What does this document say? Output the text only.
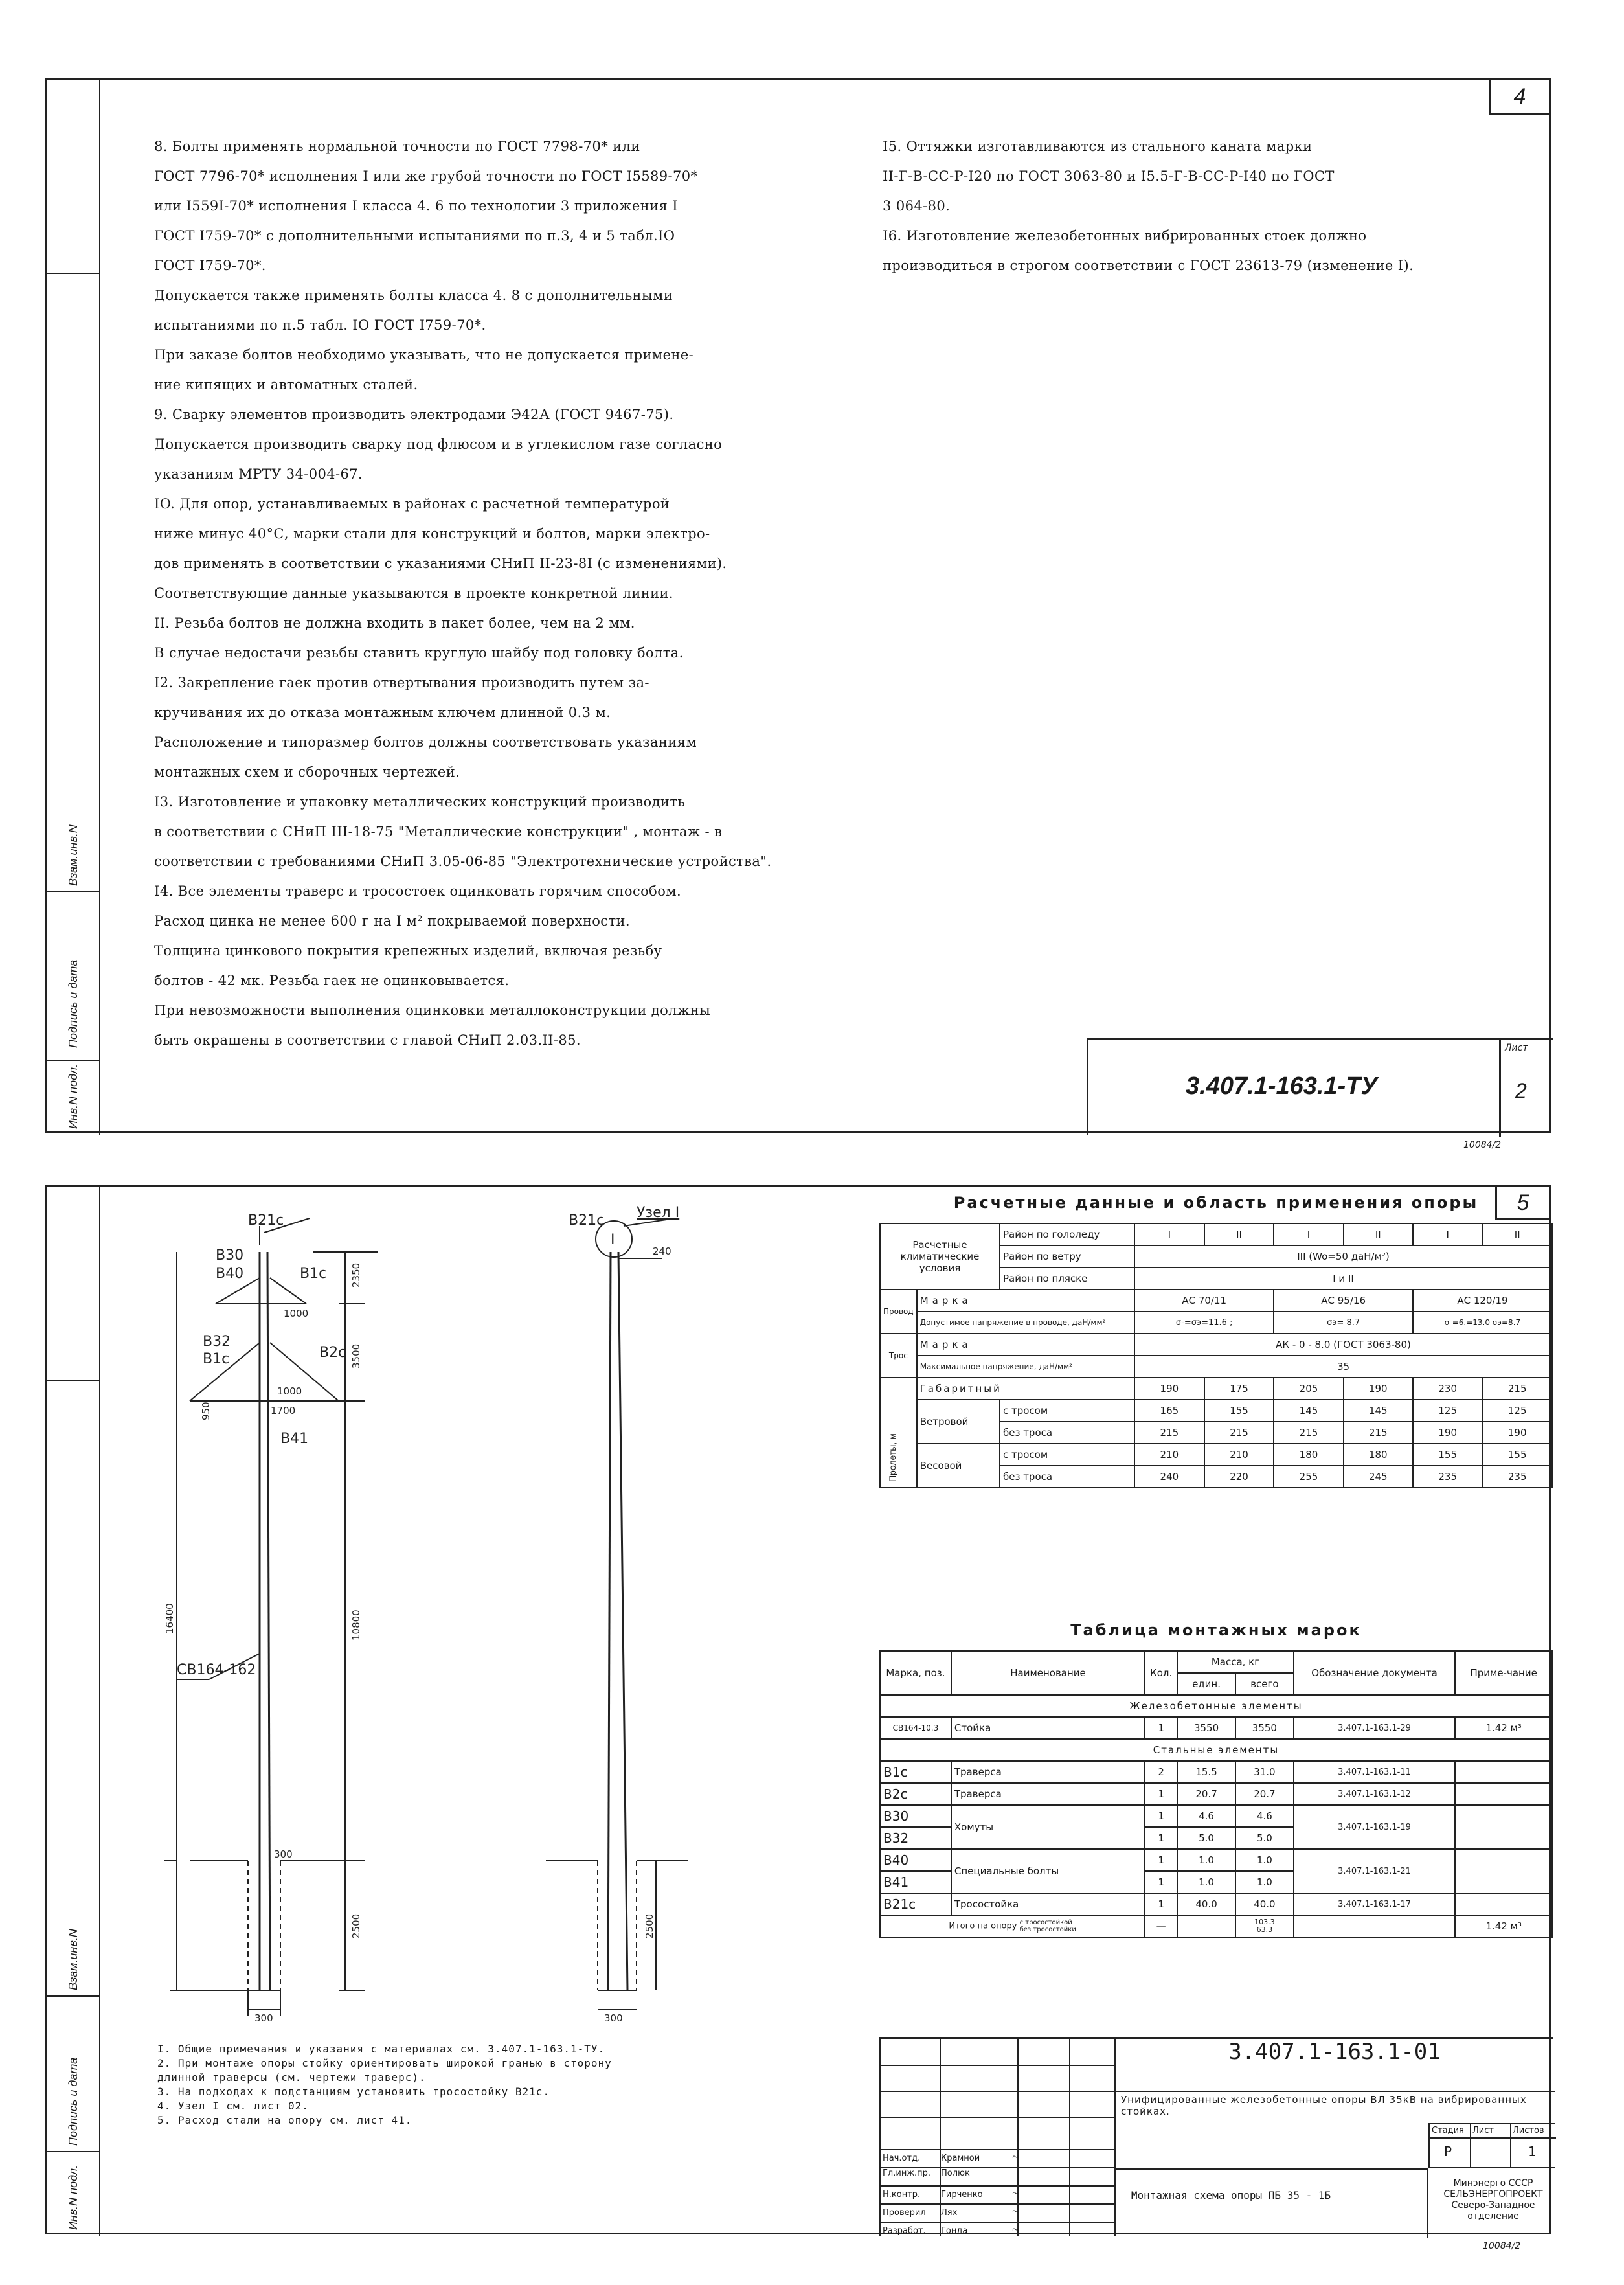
4
Взам.инв.N
Подпись и дата
Инв.N подл.
8. Болты применять нормальной точности по ГОСТ 7798-70* или
ГОСТ 7796-70* исполнения I или же грубой точности по ГОСТ I5589-70*
или I559I-70* исполнения I класса 4. 6 по технологии 3 приложения I
ГОСТ I759-70* с дополнительными испытаниями по п.3, 4 и 5 табл.IO
ГОСТ I759-70*.
Допускается также применять болты класса 4. 8 с дополнительными
испытаниями по п.5 табл. IO ГОСТ I759-70*.
При заказе болтов необходимо указывать, что не допускается примене-
ние кипящих и автоматных сталей.
9. Сварку элементов производить электродами Э42А (ГОСТ 9467-75).
Допускается производить сварку под флюсом и в углекислом газе согласно
указаниям МРТУ 34-004-67.
IO. Для опор, устанавливаемых в районах с расчетной температурой
ниже минус 40°С, марки стали для конструкций и болтов, марки электро-
дов применять в соответствии с указаниями СНиП II-23-8I (с изменениями).
Соответствующие данные указываются в проекте конкретной линии.
II. Резьба болтов не должна входить в пакет более, чем на 2 мм.
В случае недостачи резьбы ставить круглую шайбу под головку болта.
I2. Закрепление гаек против отвертывания производить путем за-
кручивания их до отказа монтажным ключем длинной 0.3 м.
Расположение и типоразмер болтов должны соответствовать указаниям
монтажных схем и сборочных чертежей.
I3. Изготовление и упаковку металлических конструкций производить
в соответствии с СНиП III-18-75 "Металлические конструкции" , монтаж - в
соответствии с требованиями СНиП 3.05-06-85 "Электротехнические устройства".
I4. Все элементы траверс и тросостоек оцинковать горячим способом.
Расход цинка не менее 600 г на I м² покрываемой поверхности.
Толщина цинкового покрытия крепежных изделий, включая резьбу
болтов - 42 мк. Резьба гаек не оцинковывается.
При невозможности выполнения оцинковки металлоконструкции должны
быть окрашены в соответствии с главой СНиП 2.03.II-85.
I5. Оттяжки изготавливаются из стального каната марки
II-Г-В-СС-Р-I20 по ГОСТ 3063-80 и I5.5-Г-В-СС-Р-I40 по ГОСТ
3 064-80.
I6. Изготовление железобетонных вибрированных стоек должно
производиться в строгом соответствии с ГОСТ 23613-79 (изменение I).
3.407.1-163.1-ТУ
Лист
2
10084/2
5
Взам.инв.N
Подпись и дата
Инв.N подл.
В21с
В30
В40	В1с
В32
В1с	В2с
В41
СВ164-162
2350
3500
16400	10800
2500
1000
1700
300
950
300
1000
В21с Узел I
I
240
300
2500
I. Общие примечания и указания с материалах см. 3.407.1-163.1-ТУ.
2. При монтаже опоры стойку ориентировать широкой гранью в сторону
длинной траверсы (см. чертежи траверс).
3. На подходах к подстанциям установить тросостойку В21с.
4. Узел I см. лист 02.
5. Расход стали на опору см. лист 41.
Расчетные данные и область применения опоры
Расчетные климатические условия		Район по гололеду	I	II	I	II	I	II
		Район по ветру	III (Wo=50 даН/м²)					
		Район по пляске	I и II					
Провод	Марка		АС 70/11		АС 95/16		АС 120/19	
	Допустимое напряжение в проводе, даН/мм²		σ-=σэ=11.6 ;		σэ= 8.7		σ-=6.=13.0 σэ=8.7	
Трос	Марка		АК - 0 - 8.0 (ГОСТ 3063-80)					
	Максимальное напряжение, даН/мм²		35					

Пролеты, м	Габаритный		190	175	205	190	230	215
	Ветровой	с тросом	165	155	145	145	125	125
		без троса	215	215	215	215	190	190
	Весовой	с тросом	210	210	180	180	155	155
		без троса	240	220	255	245	235	235
Таблица монтажных марок
Марка, поз.	Наименование	Кол.	Масса, кг		Обозначение документа	Приме-чание
			един.	всего		
Железобетонные элементы						
СВ164-10.3	Стойка	1	3550	3550	3.407.1-163.1-29	1.42 м³
Стальные элементы						
В1с	Траверса	2	15.5	31.0	3.407.1-163.1-11	
В2с	Траверса	1	20.7	20.7	3.407.1-163.1-12	
В30	Хомуты	1	4.6	4.6	3.407.1-163.1-19	
В32		1	5.0	5.0		
В40	Специальные болты	1	1.0	1.0	3.407.1-163.1-21	
В41		1	1.0	1.0		
В21с	Тросостойка	1	40.0	40.0	3.407.1-163.1-17	
Итого на опору с тросостойкой
без тросостойки		—		103.3
63.3		1.42 м³
Нач.отд. Крамной	~
Гл.инж.пр. Полюк
Н.контр. Гирченко	~
Проверил Лях	~
Разработ. Гонда	~
3.407.1-163.1-01
Унифицированные железобетонные опоры ВЛ 35кВ на вибрированных стойках.
Стадия Лист Листов
Р	1
Монтажная схема опоры ПБ 35 - 1Б
Минэнерго СССР СЕЛЬЭНЕРГОПРОЕКТ Северо-Западное отделение
10084/2
